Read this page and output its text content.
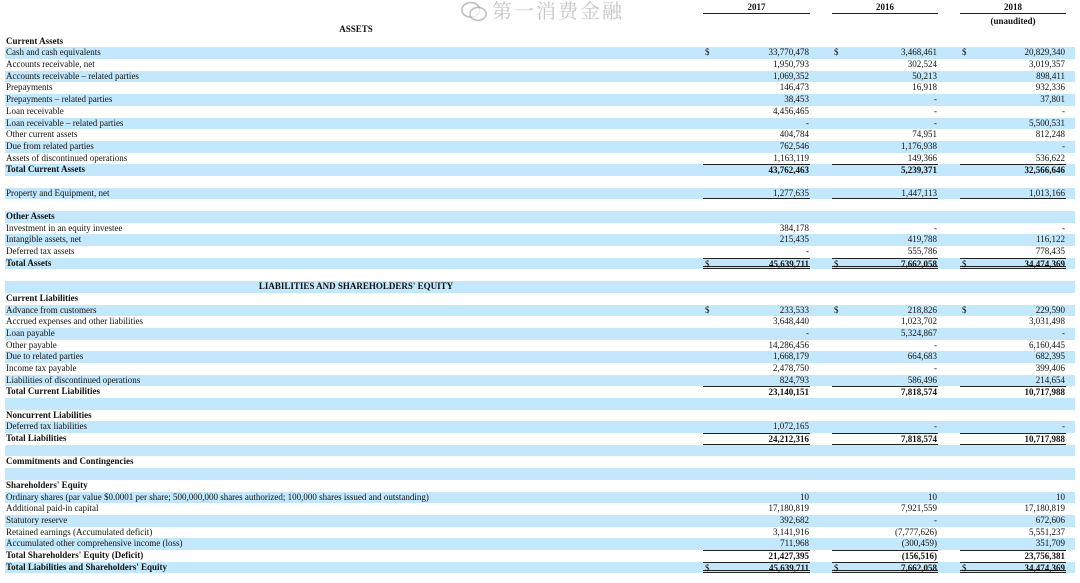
2017	2016	2018
(unaudited)
ASSETS
Current Assets
Cash and cash equivalents	$	33,770,478	$	3,468,461	$	20,829,340
Accounts receivable, net	1,950,793	302,524	3,019,357
Accounts receivable – related parties	1,069,352	50,213	898,411
Prepayments	146,473	16,918	932,336
Prepayments – related parties	38,453	-	37,801
Loan receivable	4,456,465	-	-
Loan receivable – related parties	-	-	5,500,531
Other current assets	404,784	74,951	812,248
Due from related parties	762,546	1,176,938	-
Assets of discontinued operations	1,163,119	149,366	536,622
Total Current Assets	43,762,463	5,239,371	32,566,646
Property and Equipment, net	1,277,635	1,447,113	1,013,166
Other Assets
Investment in an equity investee	384,178	-	-
Intangible assets, net	215,435	419,788	116,122
Deferred tax assets	-	555,786	778,435
Total Assets	$	45,639,711	$	7,662,058	$	34,474,369
LIABILITIES AND SHAREHOLDERS' EQUITY
Current Liabilities
Advance from customers	$	233,533	$	218,826	$	229,590
Accrued expenses and other liabilities	3,648,440	1,023,702	3,031,498
Loan payable	-	5,324,867	-
Other payable	14,286,456	-	6,160,445
Due to related parties	1,668,179	664,683	682,395
Income tax payable	2,478,750	-	399,406
Liabilities of discontinued operations	824,793	586,496	214,654
Total Current Liabilities	23,140,151	7,818,574	10,717,988
Noncurrent Liabilities
Deferred tax liabilities	1,072,165	-	-
Total Liabilities	24,212,316	7,818,574	10,717,988
Commitments and Contingencies
Shareholders' Equity
Ordinary shares (par value $0.0001 per share; 500,000,000 shares authorized; 100,000 shares issued and outstanding)	10	10	10
Additional paid-in capital	17,180,819	7,921,559	17,180,819
Statutory reserve	392,682	-	672,606
Retained earnings (Accumulated deficit)	3,141,916	(7,777,626)	5,551,237
Accumulated other comprehensive income (loss)	711,968	(300,459)	351,709
Total Shareholders' Equity (Deficit)	21,427,395	(156,516)	23,756,381
Total Liabilities and Shareholders' Equity	$	45,639,711	$	7,662,058	$	34,474,369
第一消费金融
